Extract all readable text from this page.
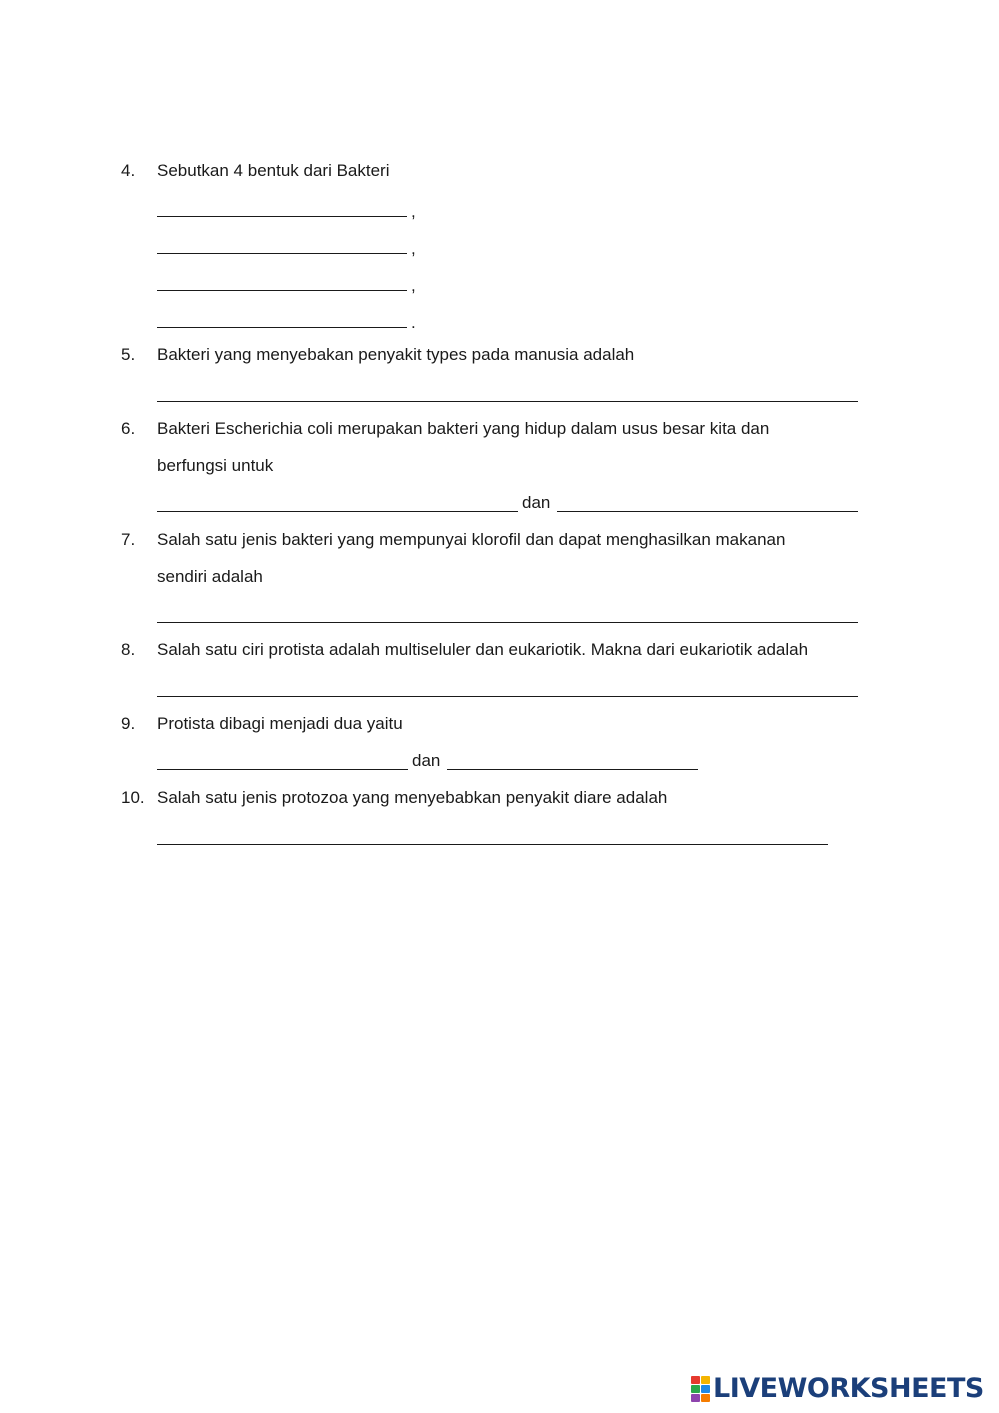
4. Sebutkan 4 bentuk dari Bakteri
,
,
,
.
5. Bakteri yang menyebakan penyakit types pada manusia adalah
6. Bakteri Escherichia coli merupakan bakteri yang hidup dalam usus besar kita dan
berfungsi untuk
dan
7. Salah satu jenis bakteri yang mempunyai klorofil dan dapat menghasilkan makanan
sendiri adalah
8. Salah satu ciri protista adalah multiseluler dan eukariotik. Makna dari eukariotik adalah
9. Protista dibagi menjadi dua yaitu
dan
10. Salah satu jenis protozoa yang menyebabkan penyakit diare adalah
LIVEWORKSHEETS
